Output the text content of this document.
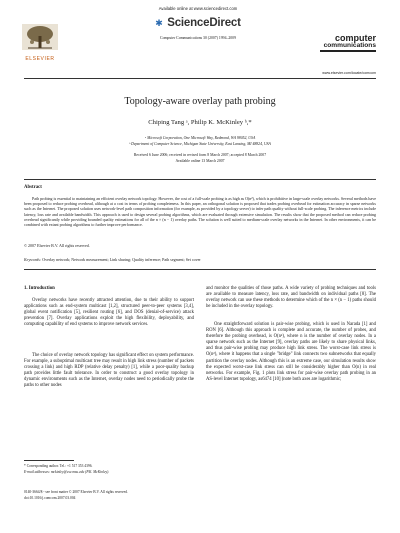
Available online at www.sciencedirect.com
✱ ScienceDirect
Computer Communications 30 (2007) 1994–2009
ELSEVIER
computer
communications
www.elsevier.com/locate/comcom
Topology-aware overlay path probing
Chiping Tang ᵃ, Philip K. McKinley ᵇ,*
ᵃ Microsoft Corporation, One Microsoft Way, Redmond, WA 98052, USA
ᵇ Department of Computer Science, Michigan State University, East Lansing, MI 48824, USA
Received 6 June 2006; received in revised form 8 March 2007; accepted 8 March 2007
Available online 13 March 2007
Abstract
Path probing is essential to maintaining an efficient overlay network topology. However, the cost of a full-scale probing is as high as O(n²), which is prohibitive in large-scale overlay networks. Several methods have been proposed to reduce probing overhead, although at a cost in terms of probing completeness. In this paper, an orthogonal solution is proposed that trades probing overhead for estimation accuracy in sparse networks such as the Internet. The proposed solution uses network-level path composition information (for example, as provided by a topology server) to infer path quality without full-scale probing. The inference metrics include latency, loss rate and available bandwidth. This approach is used to design several probing algorithms, which are evaluated through extensive simulation. The results show that the proposed method can reduce probing overhead significantly while providing bounded quality estimations for all of the n × (n − 1) overlay paths. The solution is well suited to medium-scale overlay networks in the Internet. In other environments, it can be combined with extant probing algorithms to further improve performance.
© 2007 Elsevier B.V. All rights reserved.
Keywords: Overlay network; Network measurement; Link sharing; Quality inference; Path segment; Set cover
1. Introduction
Overlay networks have recently attracted attention, due to their ability to support applications such as end-system multicast [1,2], structured peer-to-peer systems [3,4], global event notification [5], resilient routing [6], and DOS (denial-of-service) attack prevention [7]. Overlay applications exploit the high flexibility, deployability, and computing capability of end systems to improve network services.
The choice of overlay network topology has significant effect on system performance. For example, a suboptimal multicast tree may result in high link stress (number of packets crossing a link) and high RDP (relative delay penalty) [1], while a poor-quality backup path provides little fault tolerance. In order to construct a good overlay topology in dynamic environments such as the Internet, overlay nodes need to periodically probe the paths to other nodes
* Corresponding author. Tel.: +1 517 353 4396.
E-mail addresses: mckinley@cse.msu.edu (P.K. McKinley).
0140-3664/$ - see front matter © 2007 Elsevier B.V. All rights reserved.
doi:10.1016/j.comcom.2007.03.004
and monitor the qualities of those paths. A wide variety of probing techniques and tools are available to measure latency, loss rate, and bandwidth on individual paths [8]. The overlay network can use these methods to determine which of the n × (n − 1) paths should be included in the overlay topology.
One straightforward solution is pair-wise probing, which is used in Narada [1] and RON [6]. Although this approach is complete and accurate, the number of probes, and therefore the probing overhead, is O(n²), where n is the number of overlay nodes. In a sparse network such as the Internet [9], overlay paths are likely to share physical links, and thus pair-wise probing may produce high link stress. The worst-case link stress is O(n²), where it happens that a single "bridge" link connects two subnetworks that equally partition the overlay nodes. Although this is an extreme case, our simulation results show the expected worst-case link stress can still be considerably higher than O(n) in real networks. For example, Fig. 1 plots link stress for pair-wise overlay path probing in an AS-level Internet topology, as6474 [10] (note both axes are logarithmic;
